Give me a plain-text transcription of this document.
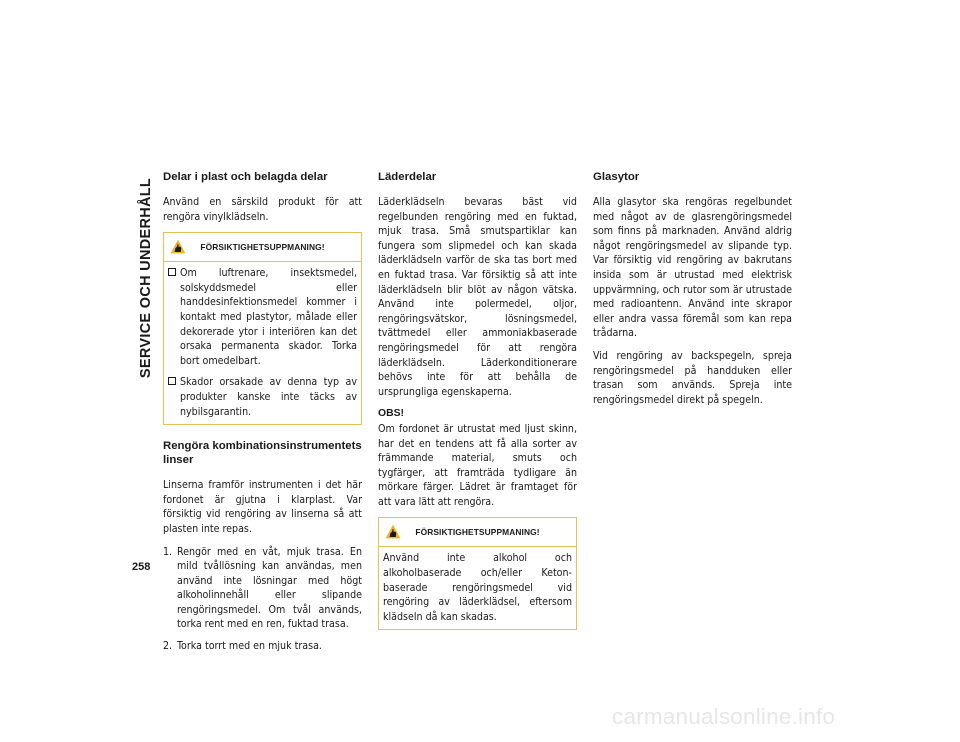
SERVICE OCH UNDERHÅLL
258
Delar i plast och belagda delar

Använd en särskild produkt för att rengöra vinylklädseln.

FÖRSIKTIGHETSUPPMANING!
Om luftrenare, insektsmedel, solskyddsmedel eller handdesinfektionsmedel kommer i kontakt med plastytor, målade eller dekorerade ytor i interiören kan det orsaka permanenta skador. Torka bort omedelbart.
Skador orsakade av denna typ av produkter kanske inte täcks av nybilsgarantin.
Rengöra kombinationsinstrumentets linser

Linserna framför instrumenten i det här fordonet är gjutna i klarplast. Var försiktig vid rengöring av linserna så att plasten inte repas.

1. Rengör med en våt, mjuk trasa. En mild tvållösning kan användas, men använd inte lösningar med högt alkoholinnehåll eller slipande rengöringsmedel. Om tvål används, torka rent med en ren, fuktad trasa.
2. Torka torrt med en mjuk trasa.
Läderdelar

Läderklädseln bevaras bäst vid regelbunden rengöring med en fuktad, mjuk trasa. Små smutspartiklar kan fungera som slipmedel och kan skada läderklädseln varför de ska tas bort med en fuktad trasa. Var försiktig så att inte läderklädseln blir blöt av någon vätska. Använd inte polermedel, oljor, rengöringsvätskor, lösningsmedel, tvättmedel eller ammoniakbaserade rengöringsmedel för att rengöra läderklädseln. Läderkonditionerare behövs inte för att behålla de ursprungliga egenskaperna.

OBS!

Om fordonet är utrustat med ljust skinn, har det en tendens att få alla sorter av främmande material, smuts och tygfärger, att framträda tydligare än mörkare färger. Lädret är framtaget för att vara lätt att rengöra.

FÖRSIKTIGHETSUPPMANING!

Använd inte alkohol och alkoholbaserade och/eller Keton-baserade rengöringsmedel vid rengöring av läderklädsel, eftersom klädseln då kan skadas.

Glasytor

Alla glasytor ska rengöras regelbundet med något av de glasrengöringsmedel som finns på marknaden. Använd aldrig något rengöringsmedel av slipande typ. Var försiktig vid rengöring av bakrutans insida som är utrustad med elektrisk uppvärmning, och rutor som är utrustade med radioantenn. Använd inte skrapor eller andra vassa föremål som kan repa trådarna.

Vid rengöring av backspegeln, spreja rengöringsmedel på handduken eller trasan som används. Spreja inte rengöringsmedel direkt på spegeln.

carmanualsonline.info
